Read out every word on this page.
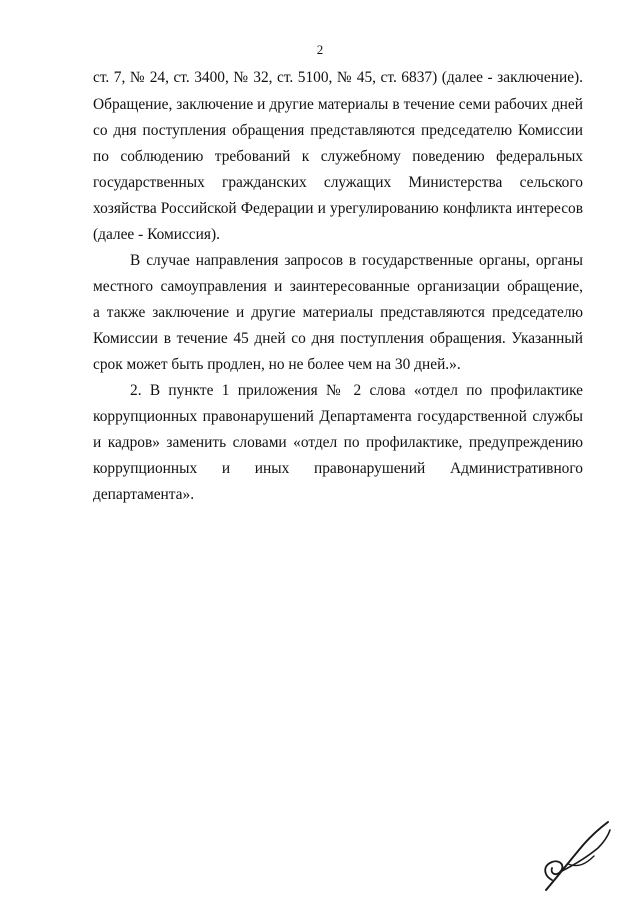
2
ст. 7, № 24, ст. 3400, № 32, ст. 5100, № 45, ст. 6837) (далее - заключение).
Обращение, заключение и другие материалы в течение семи рабочих дней
со дня поступления обращения представляются председателю Комиссии
по соблюдению требований к служебному поведению федеральных
государственных гражданских служащих Министерства сельского
хозяйства Российской Федерации и урегулированию конфликта интересов
(далее - Комиссия).
В случае направления запросов в государственные органы, органы
местного самоуправления и заинтересованные организации обращение,
а также заключение и другие материалы представляются председателю
Комиссии в течение 45 дней со дня поступления обращения. Указанный
срок может быть продлен, но не более чем на 30 дней.».
2. В пункте 1 приложения № 2 слова «отдел по профилактике
коррупционных правонарушений Департамента государственной службы
и кадров» заменить словами «отдел по профилактике, предупреждению
коррупционных и иных правонарушений Административного
департамента».
